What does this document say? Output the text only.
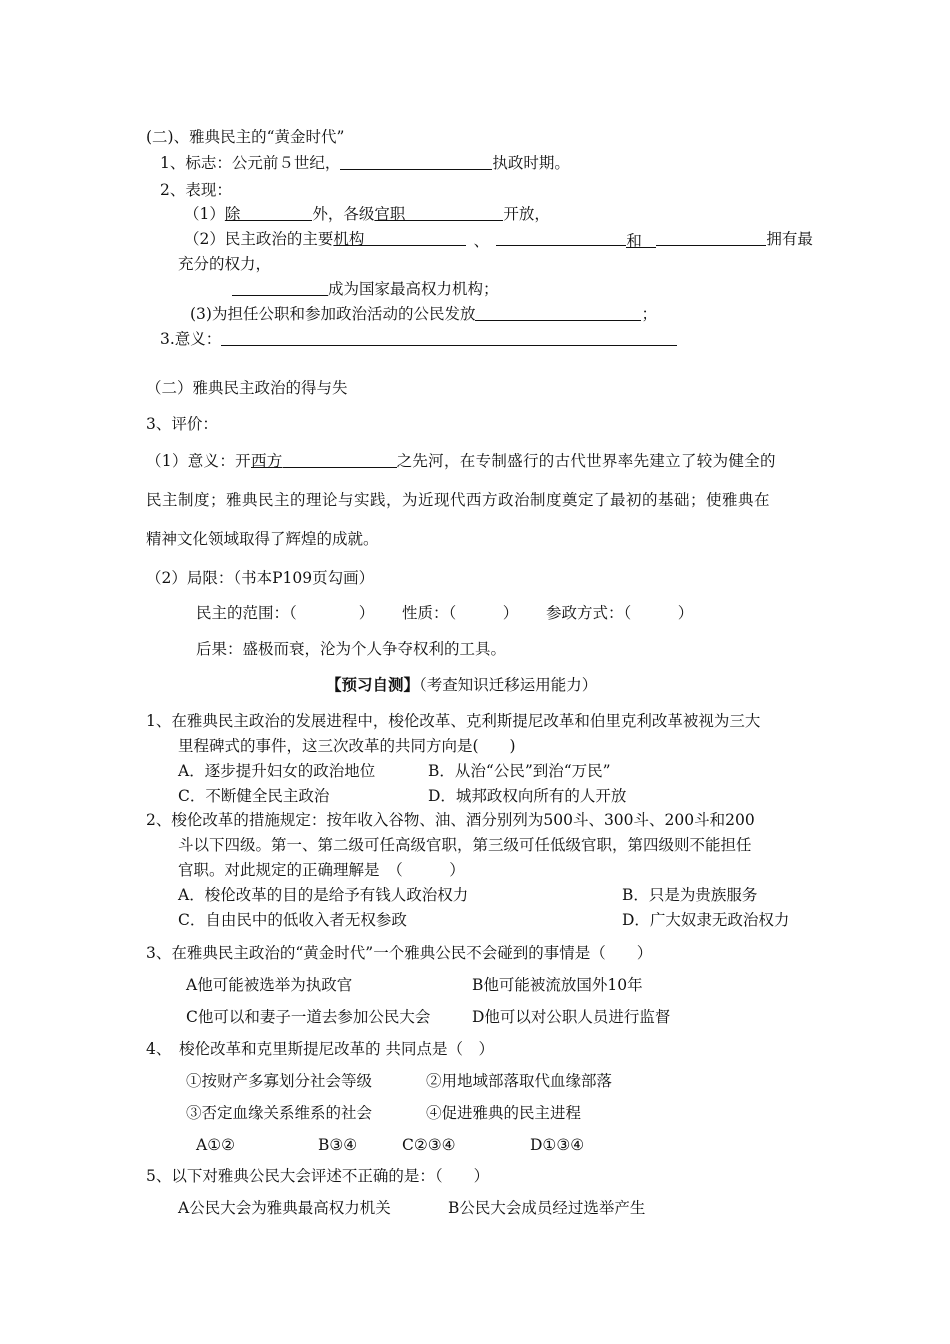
(二)、雅典民主的“黄金时代”
1、标志：公元前５世纪，	执政时期。
2、表现：
（1）除	外，各级官职	开放，
（2）民主政治的主要机构	、	和	拥有最
充分的权力，
成为国家最高权力机构；
(3)为担任公职和参加政治活动的公民发放	；
3.意义：
（二）雅典民主政治的得与失
3、评价：
（1）意义：开西方	之先河，在专制盛行的古代世界率先建立了较为健全的
民主制度；雅典民主的理论与实践，为近现代西方政治制度奠定了最初的基础；使雅典在
精神文化领域取得了辉煌的成就。
（2）局限：（书本P109页勾画）
民主的范围：（　　　　） 性质：（　　　） 参政方式：（　　　）
后果：盛极而衰，沦为个人争夺权利的工具。
【预习自测】（考查知识迁移运用能力）
1、在雅典民主政治的发展进程中，梭伦改革、克利斯提尼改革和伯里克利改革被视为三大
里程碑式的事件，这三次改革的共同方向是(　　)
A．逐步提升妇女的政治地位	B．从治“公民”到治“万民”
C．不断健全民主政治	D．城邦政权向所有的人开放
2、梭伦改革的措施规定：按年收入谷物、油、酒分别列为500斗、300斗、200斗和200
斗以下四级。第一、第二级可任高级官职，第三级可任低级官职，第四级则不能担任
官职。对此规定的正确理解是　（　　　）
A．梭伦改革的目的是给予有钱人政治权力	B．只是为贵族服务
C．自由民中的低收入者无权参政	D．广大奴隶无政治权力
3、在雅典民主政治的“黄金时代”一个雅典公民不会碰到的事情是（　　）
A他可能被选举为执政官	B他可能被流放国外10年
C他可以和妻子一道去参加公民大会	D他可以对公职人员进行监督
4、　梭伦改革和克里斯提尼改革的 共同点是（　）
①按财产多寡划分社会等级	②用地域部落取代血缘部落
③否定血缘关系维系的社会	④促进雅典的民主进程
A①②	B③④	C②③④	D①③④
5、以下对雅典公民大会评述不正确的是：（　　）
A公民大会为雅典最高权力机关	B公民大会成员经过选举产生
